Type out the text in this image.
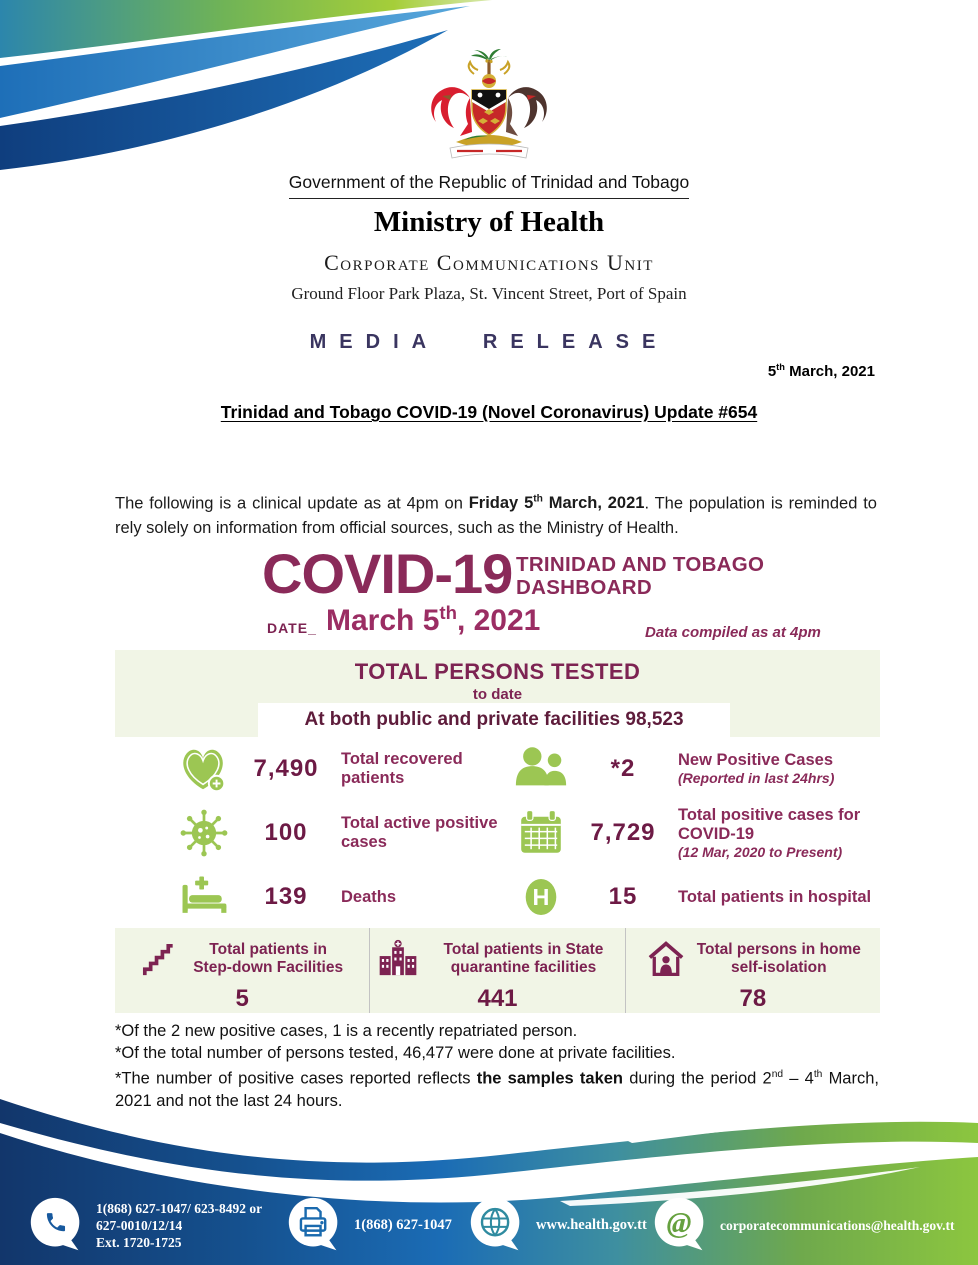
Government of the Republic of Trinidad and Tobago
Ministry of Health
Corporate Communications Unit
Ground Floor Park Plaza, St. Vincent Street, Port of Spain
MEDIA RELEASE
5th March, 2021
Trinidad and Tobago COVID-19 (Novel Coronavirus) Update #654

The following is a clinical update as at 4pm on Friday 5th March, 2021. The population is reminded to rely solely on information from official sources, such as the Ministry of Health.

COVID-19 TRINIDAD AND TOBAGO
DASHBOARD
DATE_ March 5th, 2021	Data compiled as at 4pm
TOTAL PERSONS TESTED
to date
At both public and private facilities 98,523
7,490	Total recovered patients	*2	New Positive Cases
(Reported in last 24hrs)
100	Total active positive cases	7,729
Total positive cases for COVID-19
(12 Mar, 2020 to Present)
139	Deaths	H	15	Total patients in hospital
Total patients in Step-down Facilities
5
Total patients in State quarantine facilities
441
Total persons in home self-isolation
78
*Of the 2 new positive cases, 1 is a recently repatriated person.
*Of the total number of persons tested, 46,477 were done at private facilities.
*The number of positive cases reported reflects the samples taken during the period 2nd – 4th March, 2021 and not the last 24 hours.
1(868) 627-1047/ 623-8492 or
627-0010/12/14
Ext. 1720-1725
1(868) 627-1047	www.health.gov.tt @ corporatecommunications@health.gov.tt
